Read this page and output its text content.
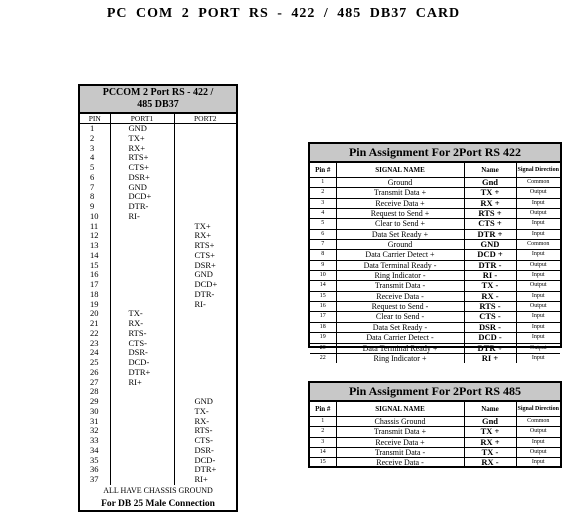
PC COM 2 PORT RS - 422 / 485 DB37 CARD
PCCOM 2 Port RS - 422 /
485 DB37
PIN	PORT1	PORT2
1	GND	
2	TX+	
3	RX+	
4	RTS+	
5	CTS+	
6	DSR+	
7	GND	
8	DCD+	
9	DTR-	
10	RI-	
11		TX+
12		RX+
13		RTS+
14		CTS+
15		DSR+
16		GND
17		DCD+
18		DTR-
19		RI-
20	TX-	
21	RX-	
22	RTS-	
23	CTS-	
24	DSR-	
25	DCD-	
26	DTR+	
27	RI+	
28		
29		GND
30		TX-
31		RX-
32		RTS-
33		CTS-
34		DSR-
35		DCD-
36		DTR+
37		RI+
ALL HAVE CHASSIS GROUND
For DB 25 Male Connection
Pin Assignment For 2Port RS 422
Pin #	SIGNAL NAME	Name	Signal Direction
1	Ground	Gnd	Common
2	Transmit Data +	TX +	Output
3	Receive Data +	RX +	Input
4	Request to Send +	RTS +	Output
5	Clear to Send +	CTS +	Input
6	Data Set Ready +	DTR +	Input
7	Ground	GND	Common
8	Data Carrier Detect +	DCD +	Input
9	Data Terminal Ready -	DTR -	Output
10	Ring Indicator -	RI -	Input
14	Transmit Data -	TX -	Output
15	Receive Data -	RX -	Input
16	Request to Send -	RTS -	Output
17	Clear to Send -	CTS -	Input
18	Data Set Ready -	DSR -	Input
19	Data Carrier Detect -	DCD -	Input
20	Data Terminal Ready +	DTR +	Output
22	Ring Indicator +	RI +	Input
Pin Assignment For 2Port RS 485
Pin #	SIGNAL NAME	Name	Signal Direction
1	Chassis Ground	Gnd	Common
2	Transmit Data +	TX +	Output
3	Receive Data +	RX +	Input
14	Transmit Data -	TX -	Output
15	Receive Data -	RX -	Input
